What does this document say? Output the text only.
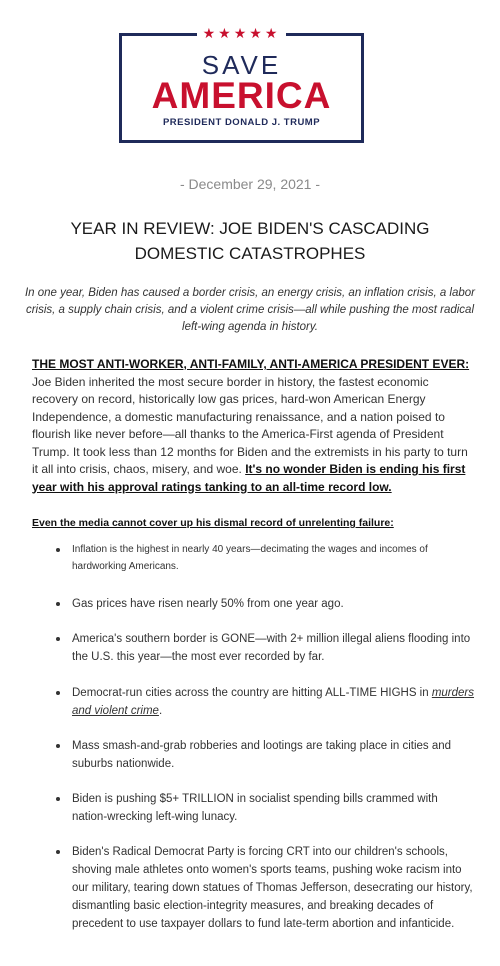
★★★★★
SAVE
AMERICA
PRESIDENT DONALD J. TRUMP
- December 29, 2021 -
YEAR IN REVIEW: JOE BIDEN'S CASCADING DOMESTIC CATASTROPHES
In one year, Biden has caused a border crisis, an energy crisis, an inflation crisis, a labor crisis, a supply chain crisis, and a violent crime crisis—all while pushing the most radical left-wing agenda in history.
THE MOST ANTI-WORKER, ANTI-FAMILY, ANTI-AMERICA PRESIDENT EVER: Joe Biden inherited the most secure border in history, the fastest economic recovery on record, historically low gas prices, hard-won American Energy Independence, a domestic manufacturing renaissance, and a nation poised to flourish like never before—all thanks to the America-First agenda of President Trump. It took less than 12 months for Biden and the extremists in his party to turn it all into crisis, chaos, misery, and woe. It's no wonder Biden is ending his first year with his approval ratings tanking to an all-time record low.
Even the media cannot cover up his dismal record of unrelenting failure:
Inflation is the highest in nearly 40 years—decimating the wages and incomes of hardworking Americans.
Gas prices have risen nearly 50% from one year ago.
America's southern border is GONE—with 2+ million illegal aliens flooding into the U.S. this year—the most ever recorded by far.
Democrat-run cities across the country are hitting ALL-TIME HIGHS in murders and violent crime.
Mass smash-and-grab robberies and lootings are taking place in cities and suburbs nationwide.
Biden is pushing $5+ TRILLION in socialist spending bills crammed with nation-wrecking left-wing lunacy.
Biden's Radical Democrat Party is forcing CRT into our children's schools, shoving male athletes onto women's sports teams, pushing woke racism into our military, tearing down statues of Thomas Jefferson, desecrating our history, dismantling basic election-integrity measures, and breaking decades of precedent to use taxpayer dollars to fund late-term abortion and infanticide.
